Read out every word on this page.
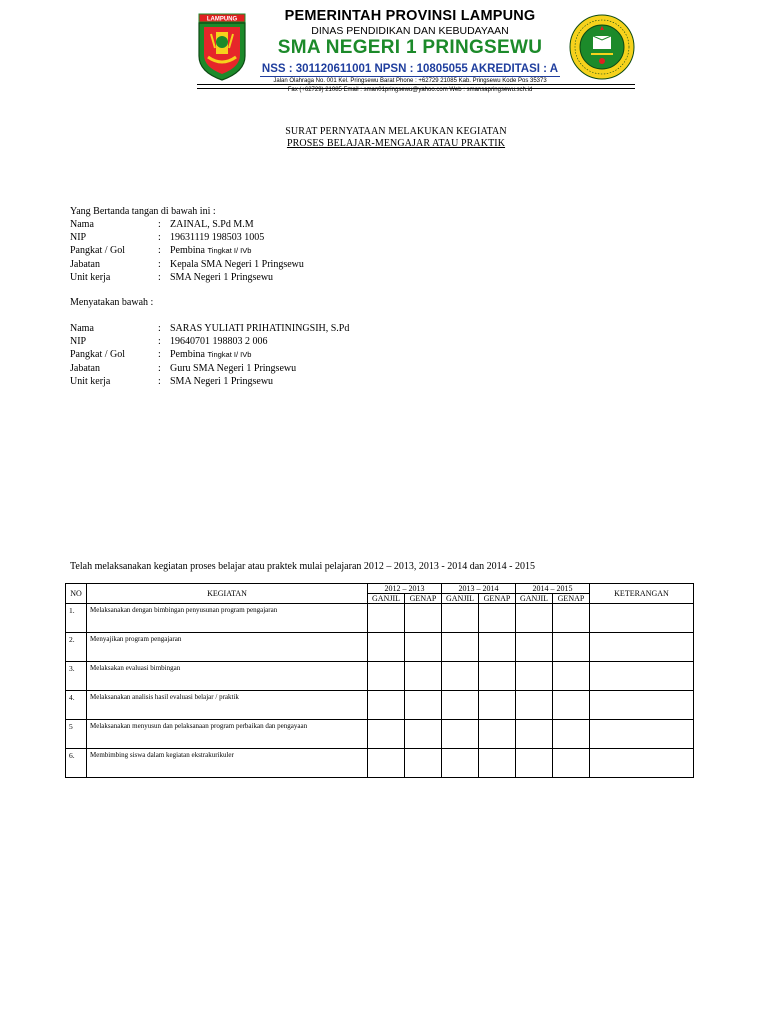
LAMPUNG	PEMERINTAH PROVINSI LAMPUNG
DINAS PENDIDIKAN DAN KEBUDAYAAN
SMA NEGERI 1 PRINGSEWU
NSS : 301120611001 NPSN : 10805055 AKREDITASI : A
Jalan Olahraga No. 001 Kel. Pringsewu Barat Phone : +62729 21085 Kab. Pringsewu Kode Pos 35373
Fax (+62729) 21085 Email : sman01pringsewu@yahoo.com Web : smansapringsewu.sch.id
SURAT PERNYATAAN MELAKUKAN KEGIATAN
PROSES BELAJAR-MENGAJAR ATAU PRAKTIK
Yang Bertanda tangan di bawah ini :
Nama	: ZAINAL, S.Pd M.M
NIP	: 19631119 198503 1005
Pangkat / Gol	: Pembina Tingkat I/ IVb
Jabatan	: Kepala SMA Negeri 1 Pringsewu
Unit kerja	: SMA Negeri 1 Pringsewu
Menyatakan bawah :
Nama	: SARAS YULIATI PRIHATININGSIH, S.Pd
NIP	: 19640701 198803 2 006
Pangkat / Gol	: Pembina Tingkat I/ IVb
Jabatan	: Guru SMA Negeri 1 Pringsewu
Unit kerja	: SMA Negeri 1 Pringsewu
Telah melaksanakan kegiatan proses belajar atau praktek mulai pelajaran 2012 – 2013, 2013 - 2014 dan 2014 - 2015
NO	KEGIATAN	2012 – 2013		2013 – 2014		2014 – 2015		KETERANGAN
		GANJIL	GENAP	GANJIL	GENAP	GANJIL	GENAP	
1.	Melaksanakan dengan bimbingan penyusunan program pengajaran							
2.	Menyajikan program pengajaran							
3.	Melaksakan evaluasi bimbingan							
4.	Melaksanakan analisis hasil evaluasi belajar / praktik							
5	Melaksanakan menyusun dan pelaksanaan program perbaikan dan pengayaan							
6.	Membimbing siswa dalam kegiatan ekstrakurikuler							
